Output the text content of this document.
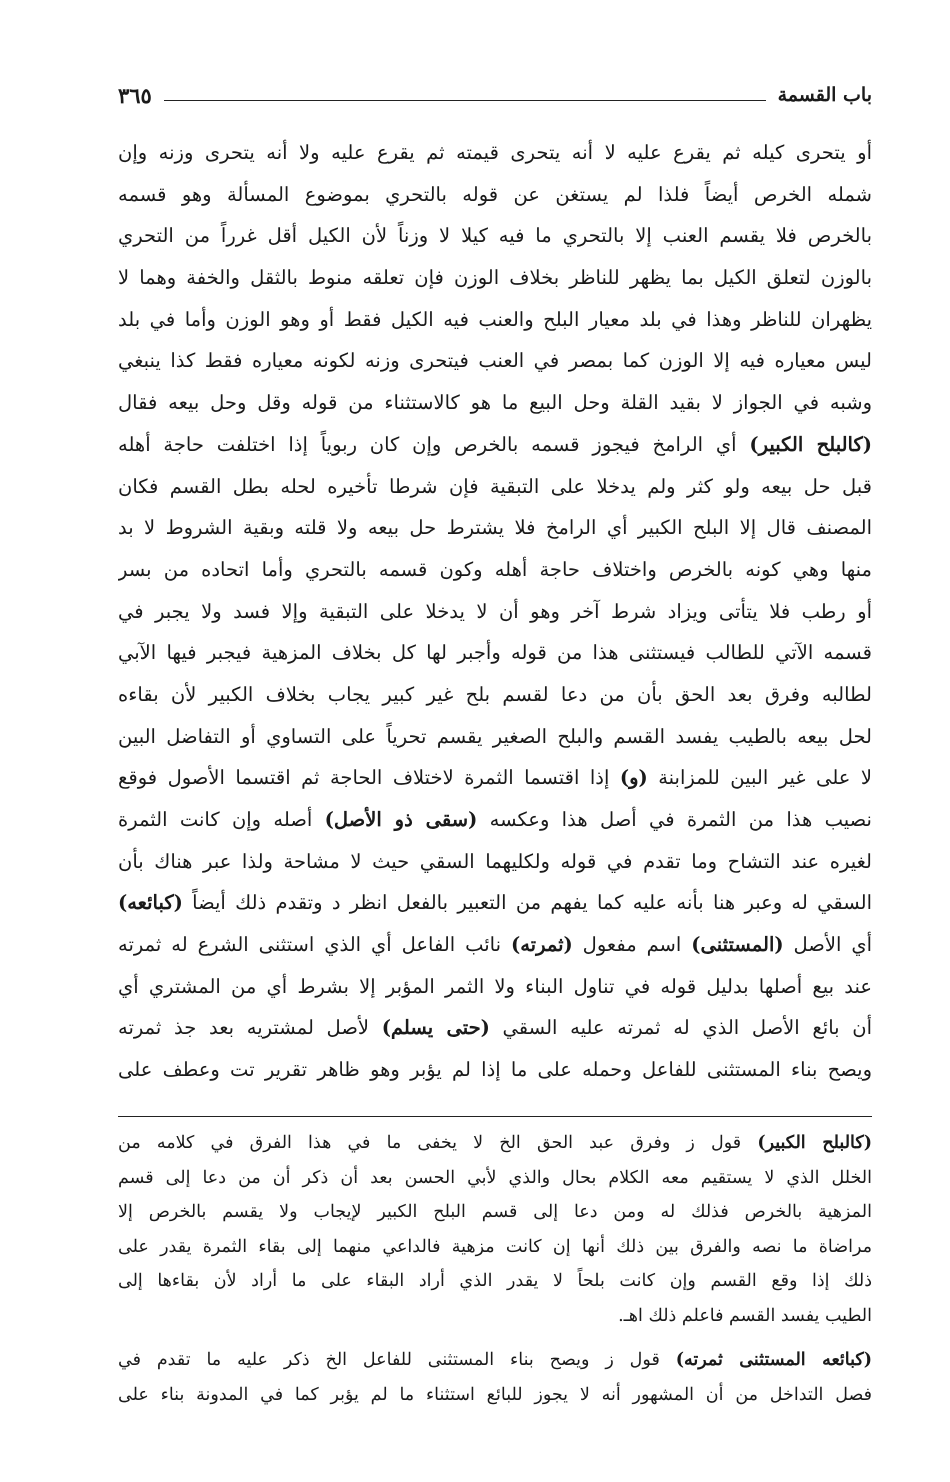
باب القسمة
٣٦٥
أو يتحرى كيله ثم يقرع عليه لا أنه يتحرى قيمته ثم يقرع عليه ولا أنه يتحرى وزنه وإن
شمله الخرص أيضاً فلذا لم يستغن عن قوله بالتحري بموضوع المسألة وهو قسمه
بالخرص فلا يقسم العنب إلا بالتحري ما فيه كيلا لا وزناً لأن الكيل أقل غرراً من التحري
بالوزن لتعلق الكيل بما يظهر للناظر بخلاف الوزن فإن تعلقه منوط بالثقل والخفة وهما لا
يظهران للناظر وهذا في بلد معيار البلح والعنب فيه الكيل فقط أو وهو الوزن وأما في بلد
ليس معياره فيه إلا الوزن كما بمصر في العنب فيتحرى وزنه لكونه معياره فقط كذا ينبغي
وشبه في الجواز لا بقيد القلة وحل البيع ما هو كالاستثناء من قوله وقل وحل بيعه فقال
(كالبلح الكبير) أي الرامخ فيجوز قسمه بالخرص وإن كان ربوياً إذا اختلفت حاجة أهله
قبل حل بيعه ولو كثر ولم يدخلا على التبقية فإن شرطا تأخيره لحله بطل القسم فكان
المصنف قال إلا البلح الكبير أي الرامخ فلا يشترط حل بيعه ولا قلته وبقية الشروط لا بد
منها وهي كونه بالخرص واختلاف حاجة أهله وكون قسمه بالتحري وأما اتحاده من بسر
أو رطب فلا يتأتى ويزاد شرط آخر وهو أن لا يدخلا على التبقية وإلا فسد ولا يجبر في
قسمه الآتي للطالب فيستثنى هذا من قوله وأجبر لها كل بخلاف المزهية فيجبر فيها الآبي
لطالبه وفرق بعد الحق بأن من دعا لقسم بلح غير كبير يجاب بخلاف الكبير لأن بقاءه
لحل بيعه بالطيب يفسد القسم والبلح الصغير يقسم تحرياً على التساوي أو التفاضل البين
لا على غير البين للمزابنة (و) إذا اقتسما الثمرة لاختلاف الحاجة ثم اقتسما الأصول فوقع
نصيب هذا من الثمرة في أصل هذا وعكسه (سقى ذو الأصل) أصله وإن كانت الثمرة
لغيره عند التشاح وما تقدم في قوله ولكليهما السقي حيث لا مشاحة ولذا عبر هناك بأن
السقي له وعبر هنا بأنه عليه كما يفهم من التعبير بالفعل انظر د وتقدم ذلك أيضاً (كبائعه)
أي الأصل (المستثنى) اسم مفعول (ثمرته) نائب الفاعل أي الذي استثنى الشرع له ثمرته
عند بيع أصلها بدليل قوله في تناول البناء ولا الثمر المؤبر إلا بشرط أي من المشتري أي
أن بائع الأصل الذي له ثمرته عليه السقي (حتى يسلم) لأصل لمشتريه بعد جذ ثمرته
ويصح بناء المستثنى للفاعل وحمله على ما إذا لم يؤبر وهو ظاهر تقرير تت وعطف على
(كالبلح الكبير) قول ز وفرق عبد الحق الخ لا يخفى ما في هذا الفرق في كلامه من
الخلل الذي لا يستقيم معه الكلام بحال والذي لأبي الحسن بعد أن ذكر أن من دعا إلى قسم
المزهية بالخرص فذلك له ومن دعا إلى قسم البلح الكبير لإيجاب ولا يقسم بالخرص إلا
مراضاة ما نصه والفرق بين ذلك أنها إن كانت مزهية فالداعي منهما إلى بقاء الثمرة يقدر على
ذلك إذا وقع القسم وإن كانت بلحاً لا يقدر الذي أراد البقاء على ما أراد لأن بقاءها إلى
الطيب يفسد القسم فاعلم ذلك اهـ.
(كبائعه المستثنى ثمرته) قول ز ويصح بناء المستثنى للفاعل الخ ذكر عليه ما تقدم في
فصل التداخل من أن المشهور أنه لا يجوز للبائع استثناء ما لم يؤبر كما في المدونة بناء على
